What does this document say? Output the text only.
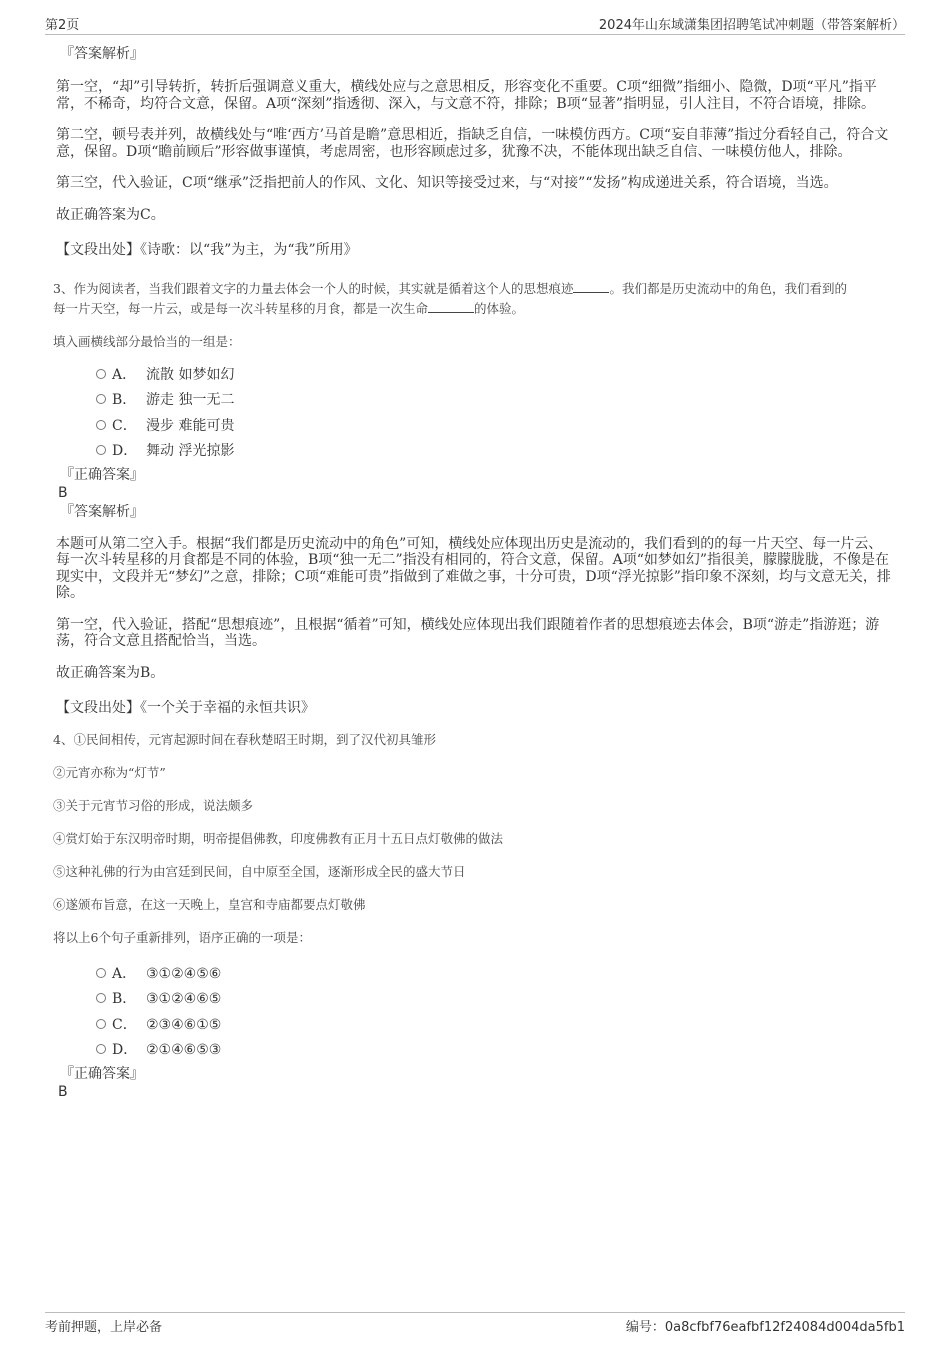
第2页	2024年山东域潇集团招聘笔试冲刺题（带答案解析）
『答案解析』

第一空，“却”引导转折，转折后强调意义重大，横线处应与之意思相反，形容变化不重要。C项“细微”指细小、隐微，D项“平凡”指平常，不稀奇，均符合文意，保留。A项“深刻”指透彻、深入，与文意不符，排除；B项“显著”指明显，引人注目，不符合语境，排除。

第二空，顿号表并列，故横线处与“唯‘西方’马首是瞻”意思相近，指缺乏自信，一味模仿西方。C项“妄自菲薄”指过分看轻自己，符合文意，保留。D项“瞻前顾后”形容做事谨慎，考虑周密，也形容顾虑过多，犹豫不决，不能体现出缺乏自信、一味模仿他人，排除。

第三空，代入验证，C项“继承”泛指把前人的作风、文化、知识等接受过来，与“对接”“发扬”构成递进关系，符合语境，当选。

故正确答案为C。

【文段出处】《诗歌：以“我”为主，为“我”所用》

3、作为阅读者，当我们跟着文字的力量去体会一个人的时候，其实就是循着这个人的思想痕迹	。我们都是历史流动中的角色，我们看到的

每一片天空，每一片云，或是每一次斗转星移的月食，都是一次生命	的体验。

填入画横线部分最恰当的一组是：

A． 流散 如梦如幻
B． 游走 独一无二
C． 漫步 难能可贵
D． 舞动 浮光掠影
『正确答案』
B
『答案解析』

本题可从第二空入手。根据“我们都是历史流动中的角色”可知，横线处应体现出历史是流动的，我们看到的的每一片天空、每一片云、每一次斗转星移的月食都是不同的体验，B项“独一无二”指没有相同的，符合文意，保留。A项“如梦如幻”指很美，朦朦胧胧，不像是在现实中，文段并无“梦幻”之意，排除；C项“难能可贵”指做到了难做之事，十分可贵，D项“浮光掠影”指印象不深刻，均与文意无关，排除。

第一空，代入验证，搭配“思想痕迹”，且根据“循着”可知，横线处应体现出我们跟随着作者的思想痕迹去体会，B项“游走”指游逛；游荡，符合文意且搭配恰当，当选。

故正确答案为B。

【文段出处】《一个关于幸福的永恒共识》

4、①民间相传，元宵起源时间在春秋楚昭王时期，到了汉代初具雏形

②元宵亦称为“灯节”

③关于元宵节习俗的形成，说法颇多

④赏灯始于东汉明帝时期，明帝提倡佛教，印度佛教有正月十五日点灯敬佛的做法

⑤这种礼佛的行为由宫廷到民间，自中原至全国，逐渐形成全民的盛大节日

⑥遂颁布旨意，在这一天晚上，皇宫和寺庙都要点灯敬佛

将以上6个句子重新排列，语序正确的一项是：

A． ③①②④⑤⑥
B． ③①②④⑥⑤
C． ②③④⑥①⑤
D． ②①④⑥⑤③
『正确答案』
B
考前押题，上岸必备	编号：0a8cfbf76eafbf12f24084d004da5fb1
